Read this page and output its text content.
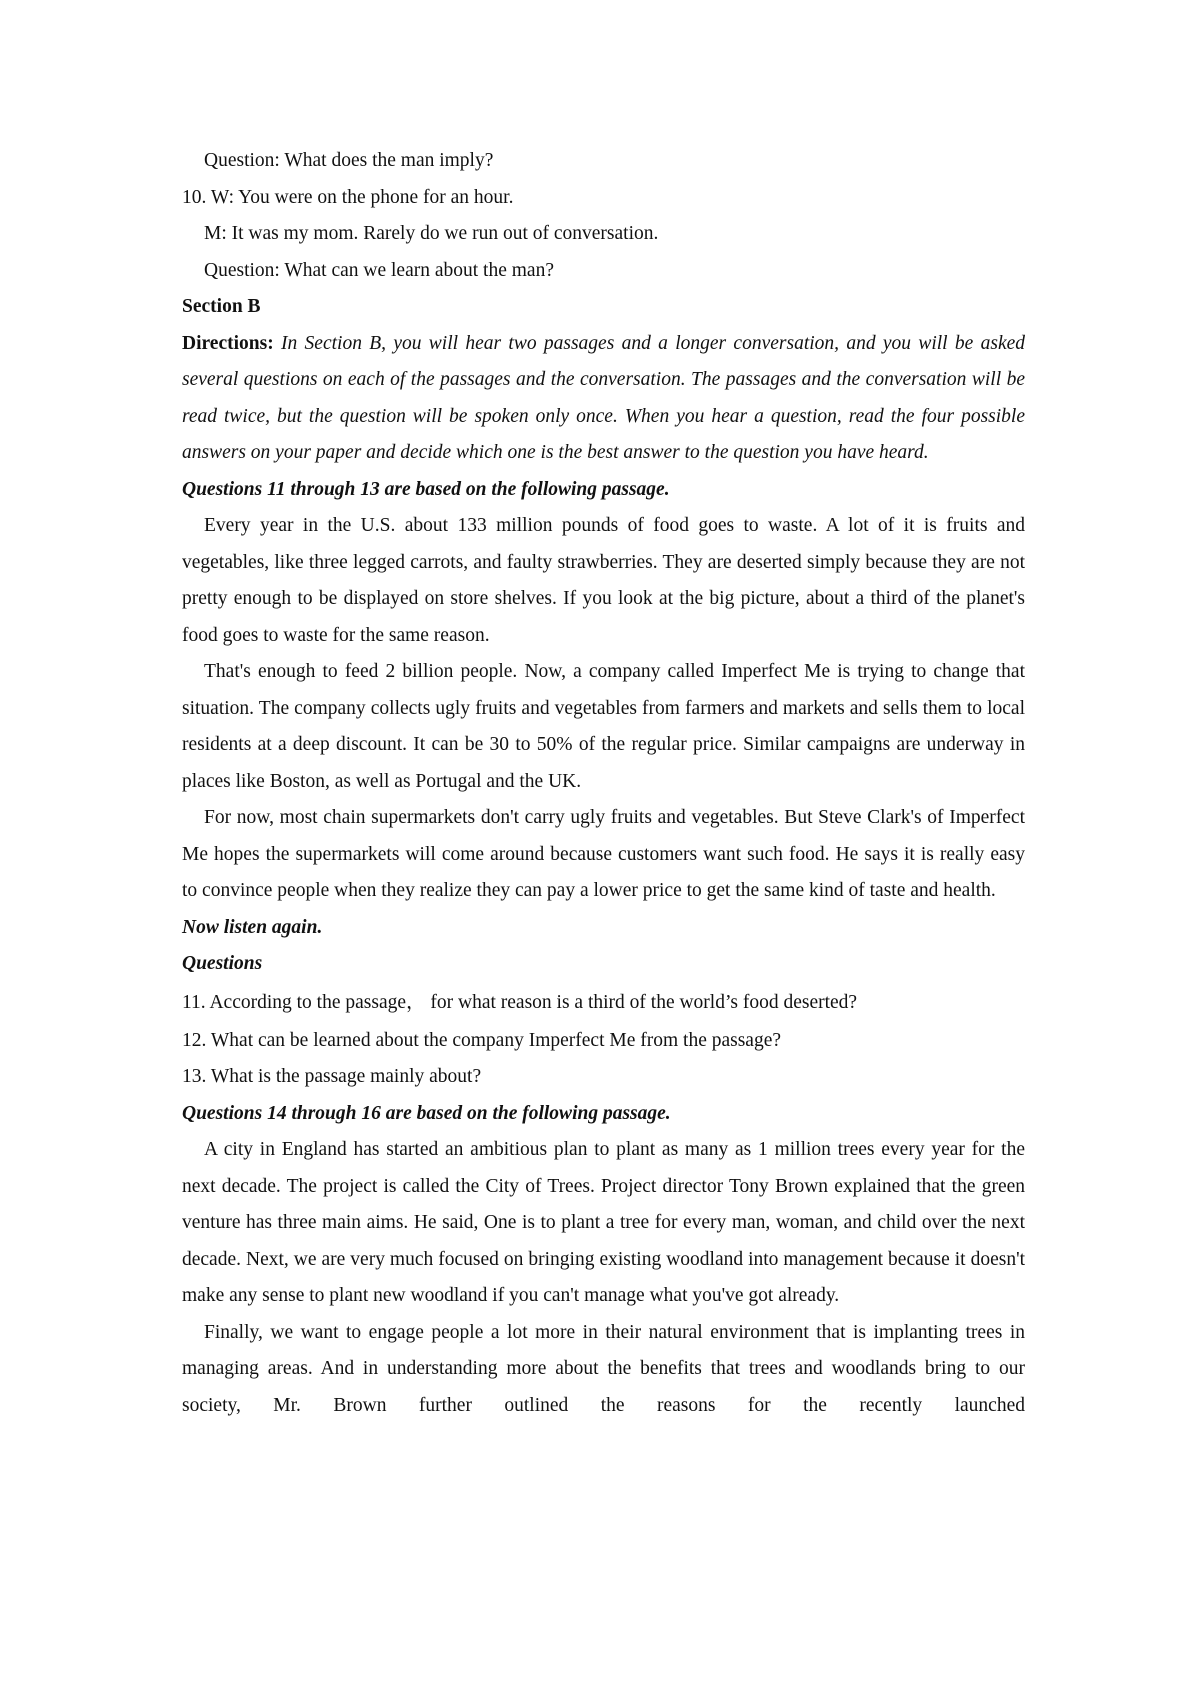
Question: What does the man imply?

10. W: You were on the phone for an hour.

M: It was my mom. Rarely do we run out of conversation.

Question: What can we learn about the man?

Section B

Directions: In Section B, you will hear two passages and a longer conversation, and you will be asked several questions on each of the passages and the conversation. The passages and the conversation will be read twice, but the question will be spoken only once. When you hear a question, read the four possible answers on your paper and decide which one is the best answer to the question you have heard.

Questions 11 through 13 are based on the following passage.

Every year in the U.S. about 133 million pounds of food goes to waste. A lot of it is fruits and vegetables, like three legged carrots, and faulty strawberries. They are deserted simply because they are not pretty enough to be displayed on store shelves. If you look at the big picture, about a third of the planet's food goes to waste for the same reason.

That's enough to feed 2 billion people. Now, a company called Imperfect Me is trying to change that situation. The company collects ugly fruits and vegetables from farmers and markets and sells them to local residents at a deep discount. It can be 30 to 50% of the regular price. Similar campaigns are underway in places like Boston, as well as Portugal and the UK.

For now, most chain supermarkets don't carry ugly fruits and vegetables. But Steve Clark's of Imperfect Me hopes the supermarkets will come around because customers want such food. He says it is really easy to convince people when they realize they can pay a lower price to get the same kind of taste and health.

Now listen again.

Questions

11. According to the passage， for what reason is a third of the world’s food deserted?

12. What can be learned about the company Imperfect Me from the passage?

13. What is the passage mainly about?

Questions 14 through 16 are based on the following passage.

A city in England has started an ambitious plan to plant as many as 1 million trees every year for the next decade. The project is called the City of Trees. Project director Tony Brown explained that the green venture has three main aims. He said, One is to plant a tree for every man, woman, and child over the next decade. Next, we are very much focused on bringing existing woodland into management because it doesn't make any sense to plant new woodland if you can't manage what you've got already.

Finally, we want to engage people a lot more in their natural environment that is implanting trees in managing areas. And in understanding more about the benefits that trees and woodlands bring to our society, Mr. Brown further outlined the reasons for the recently launched
